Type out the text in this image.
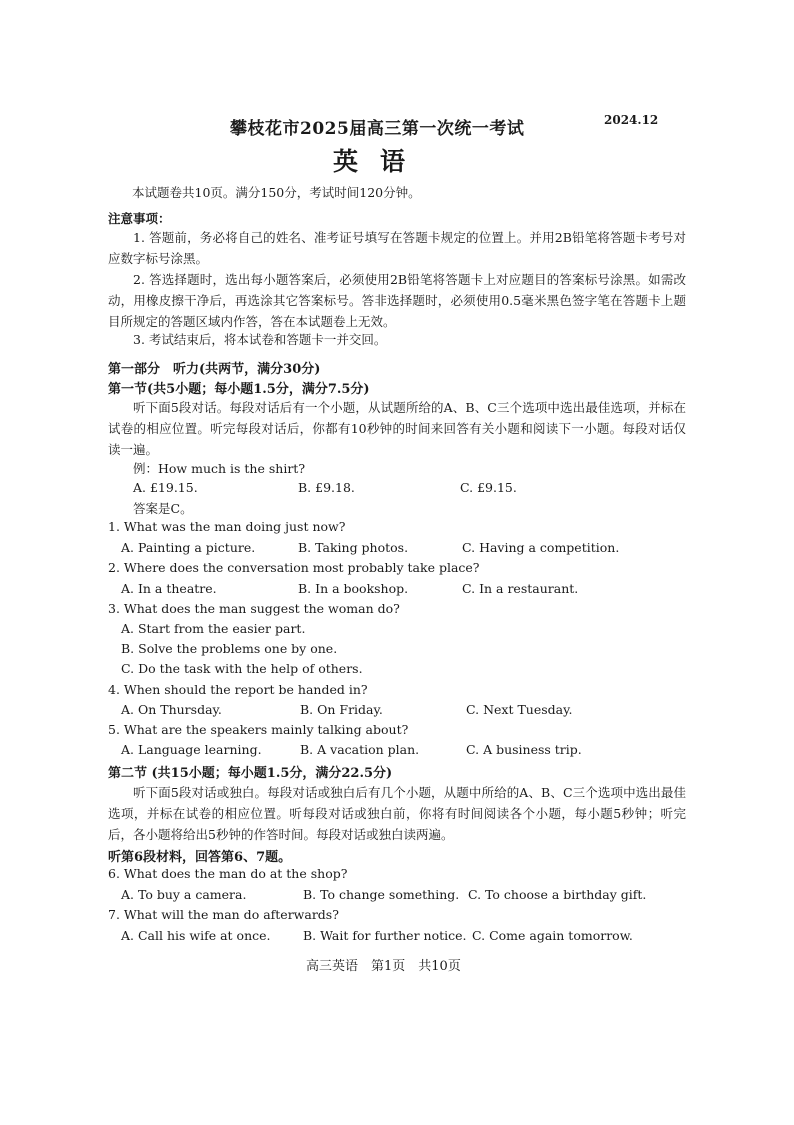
攀枝花市2025届高三第一次统一考试	2024.12
英语
本试题卷共10页。满分150分，考试时间120分钟。
注意事项：
1. 答题前，务必将自己的姓名、准考证号填写在答题卡规定的位置上。并用2B铅笔将答题卡考号对应数字标号涂黑。
2. 答选择题时，选出每小题答案后，必须使用2B铅笔将答题卡上对应题目的答案标号涂黑。如需改动，用橡皮擦干净后，再选涂其它答案标号。答非选择题时，必须使用0.5毫米黑色签字笔在答题卡上题目所规定的答题区域内作答，答在本试题卷上无效。
3. 考试结束后，将本试卷和答题卡一并交回。
第一部分　听力(共两节，满分30分)
第一节(共5小题；每小题1.5分，满分7.5分)
听下面5段对话。每段对话后有一个小题，从试题所给的A、B、C三个选项中选出最佳选项，并标在试卷的相应位置。听完每段对话后，你都有10秒钟的时间来回答有关小题和阅读下一小题。每段对话仅读一遍。
例：How much is the shirt?
A. £19.15.	B. £9.18.	C. £9.15.
答案是C。
1. What was the man doing just now?
A. Painting a picture.	B. Taking photos.	C. Having a competition.
2. Where does the conversation most probably take place?
A. In a theatre.	B. In a bookshop.	C. In a restaurant.
3. What does the man suggest the woman do?
A. Start from the easier part.
B. Solve the problems one by one.
C. Do the task with the help of others.
4. When should the report be handed in?
A. On Thursday.	B. On Friday.	C. Next Tuesday.
5. What are the speakers mainly talking about?
A. Language learning.	B. A vacation plan.	C. A business trip.
第二节 (共15小题；每小题1.5分，满分22.5分)
听下面5段对话或独白。每段对话或独白后有几个小题，从题中所给的A、B、C三个选项中选出最佳选项，并标在试卷的相应位置。听每段对话或独白前，你将有时间阅读各个小题，每小题5秒钟；听完后，各小题将给出5秒钟的作答时间。每段对话或独白读两遍。
听第6段材料，回答第6、7题。
6. What does the man do at the shop?
A. To buy a camera.	B. To change something. C. To choose a birthday gift.
7. What will the man do afterwards?
A. Call his wife at once.	B. Wait for further notice. C. Come again tomorrow.
高三英语　第1页　共10页
